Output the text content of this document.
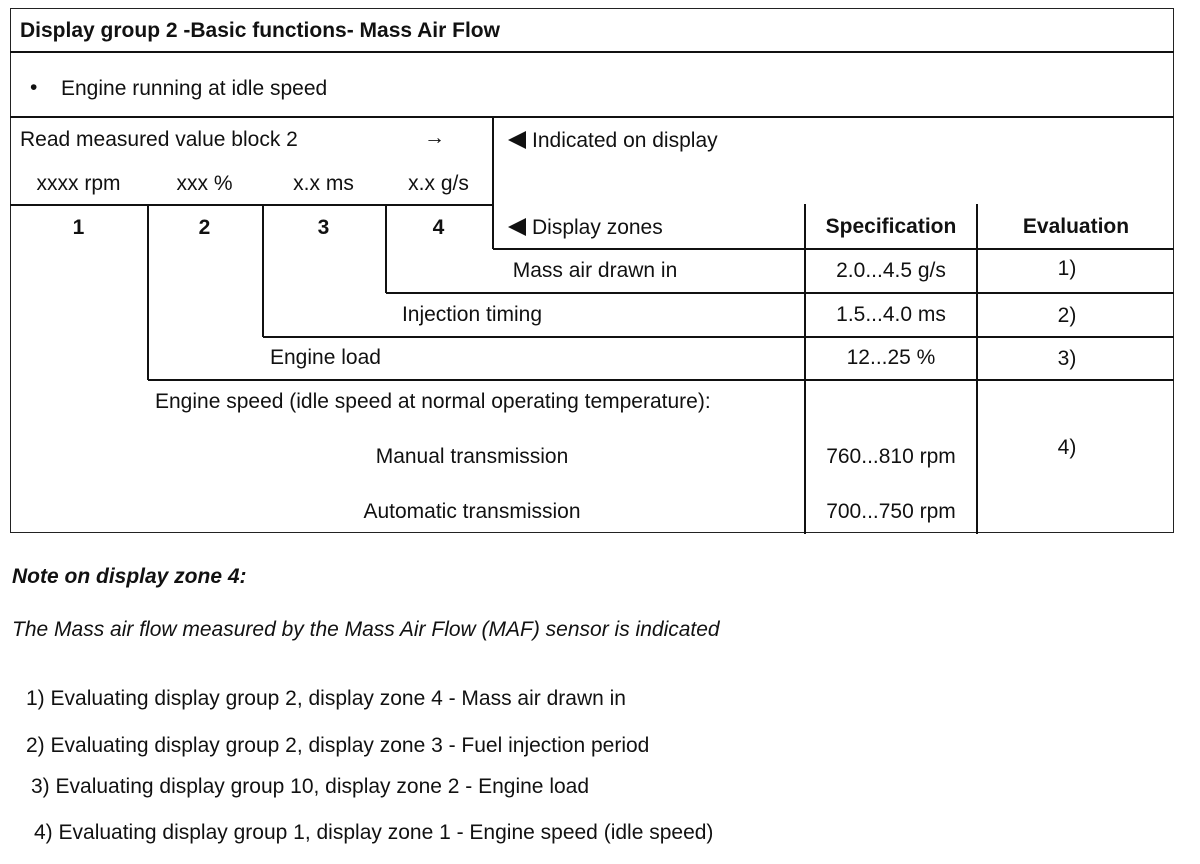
Display group 2 -Basic functions- Mass Air Flow
• Engine running at idle speed
Read measured value block 2	→	Indicated on display
xxxx rpm	xxx %	x.x ms	x.x g/s
1	2	3	4	Display zones	Specification	Evaluation
Mass air drawn in	2.0...4.5 g/s	1)
Injection timing	1.5...4.0 ms	2)
Engine load	12...25 %	3)
Engine speed (idle speed at normal operating temperature):
Manual transmission	760...810 rpm
Automatic transmission	700...750 rpm
4)
Note on display zone 4:
The Mass air flow measured by the Mass Air Flow (MAF) sensor is indicated
1) Evaluating display group 2, display zone 4 - Mass air drawn in
2) Evaluating display group 2, display zone 3 - Fuel injection period
3) Evaluating display group 10, display zone 2 - Engine load
4) Evaluating display group 1, display zone 1 - Engine speed (idle speed)
